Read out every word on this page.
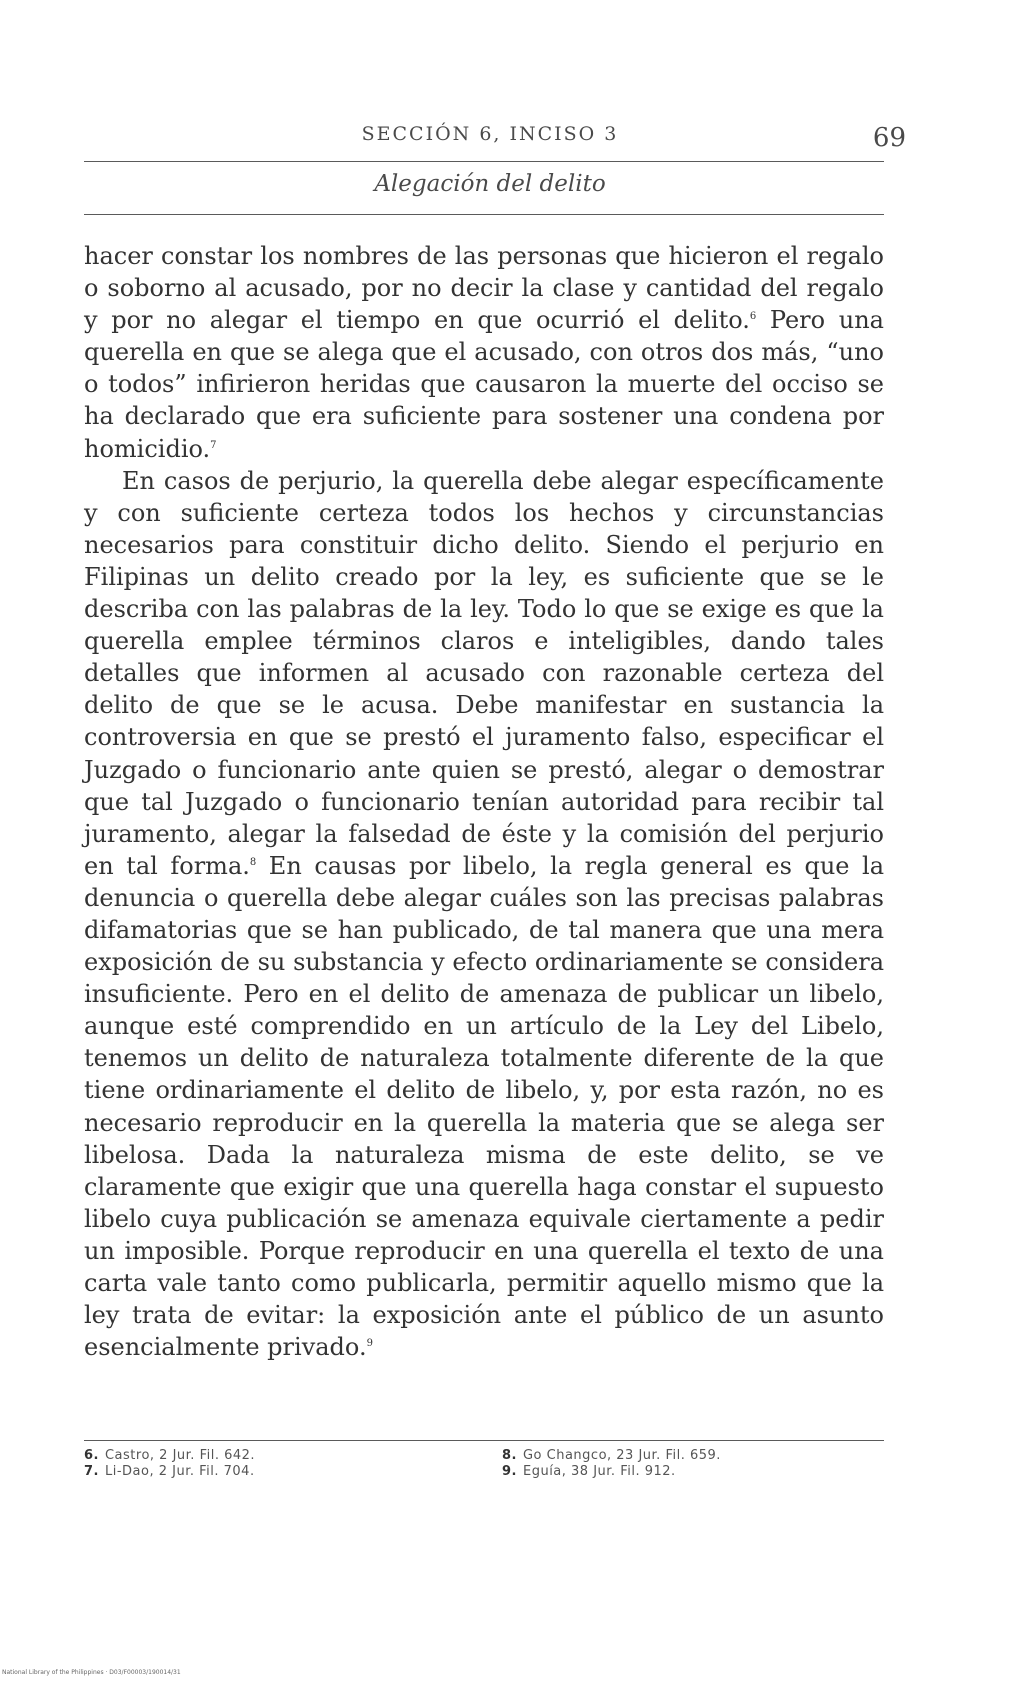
SECCIÓN 6, INCISO 3	69
Alegación del delito

hacer constar los nombres de las personas que hicieron el regalo o soborno al acusado, por no decir la clase y cantidad del regalo y por no alegar el tiempo en que ocurrió el delito.$^6$ Pero una querella en que se alega que el acusado, con otros dos más, “uno o todos” infirieron heridas que causaron la muerte del occiso se ha declarado que era suficiente para sostener una condena por homicidio.$^7$

En casos de perjurio, la querella debe alegar específicamente y con suficiente certeza todos los hechos y circunstancias necesarios para constituir dicho delito. Siendo el perjurio en Filipinas un delito creado por la ley, es suficiente que se le describa con las palabras de la ley. Todo lo que se exige es que la querella emplee términos claros e inteligibles, dando tales detalles que informen al acusado con razonable certeza del delito de que se le acusa. Debe manifestar en sustancia la controversia en que se prestó el juramento falso, especificar el Juzgado o funcionario ante quien se prestó, alegar o demostrar que tal Juzgado o funcionario tenían autoridad para recibir tal juramento, alegar la falsedad de éste y la comisión del perjurio en tal forma.$^8$ En causas por libelo, la regla general es que la denuncia o querella debe alegar cuáles son las precisas palabras difamatorias que se han publicado, de tal manera que una mera exposición de su substancia y efecto ordinariamente se considera insuficiente. Pero en el delito de amenaza de publicar un libelo, aunque esté comprendido en un artículo de la Ley del Libelo, tenemos un delito de naturaleza totalmente diferente de la que tiene ordinariamente el delito de libelo, y, por esta razón, no es necesario reproducir en la querella la materia que se alega ser libelosa. Dada la naturaleza misma de este delito, se ve claramente que exigir que una querella haga constar el supuesto libelo cuya publicación se amenaza equivale ciertamente a pedir un imposible. Porque reproducir en una querella el texto de una carta vale tanto como publicarla, permitir aquello mismo que la ley trata de evitar: la exposición ante el público de un asunto esencialmente privado.$^9$

6. Castro, 2 Jur. Fil. 642.
7. Li-Dao, 2 Jur. Fil. 704.
8. Go Changco, 23 Jur. Fil. 659.
9. Eguía, 38 Jur. Fil. 912.
National Library of the Philippines · D03/F00003/190014/31
